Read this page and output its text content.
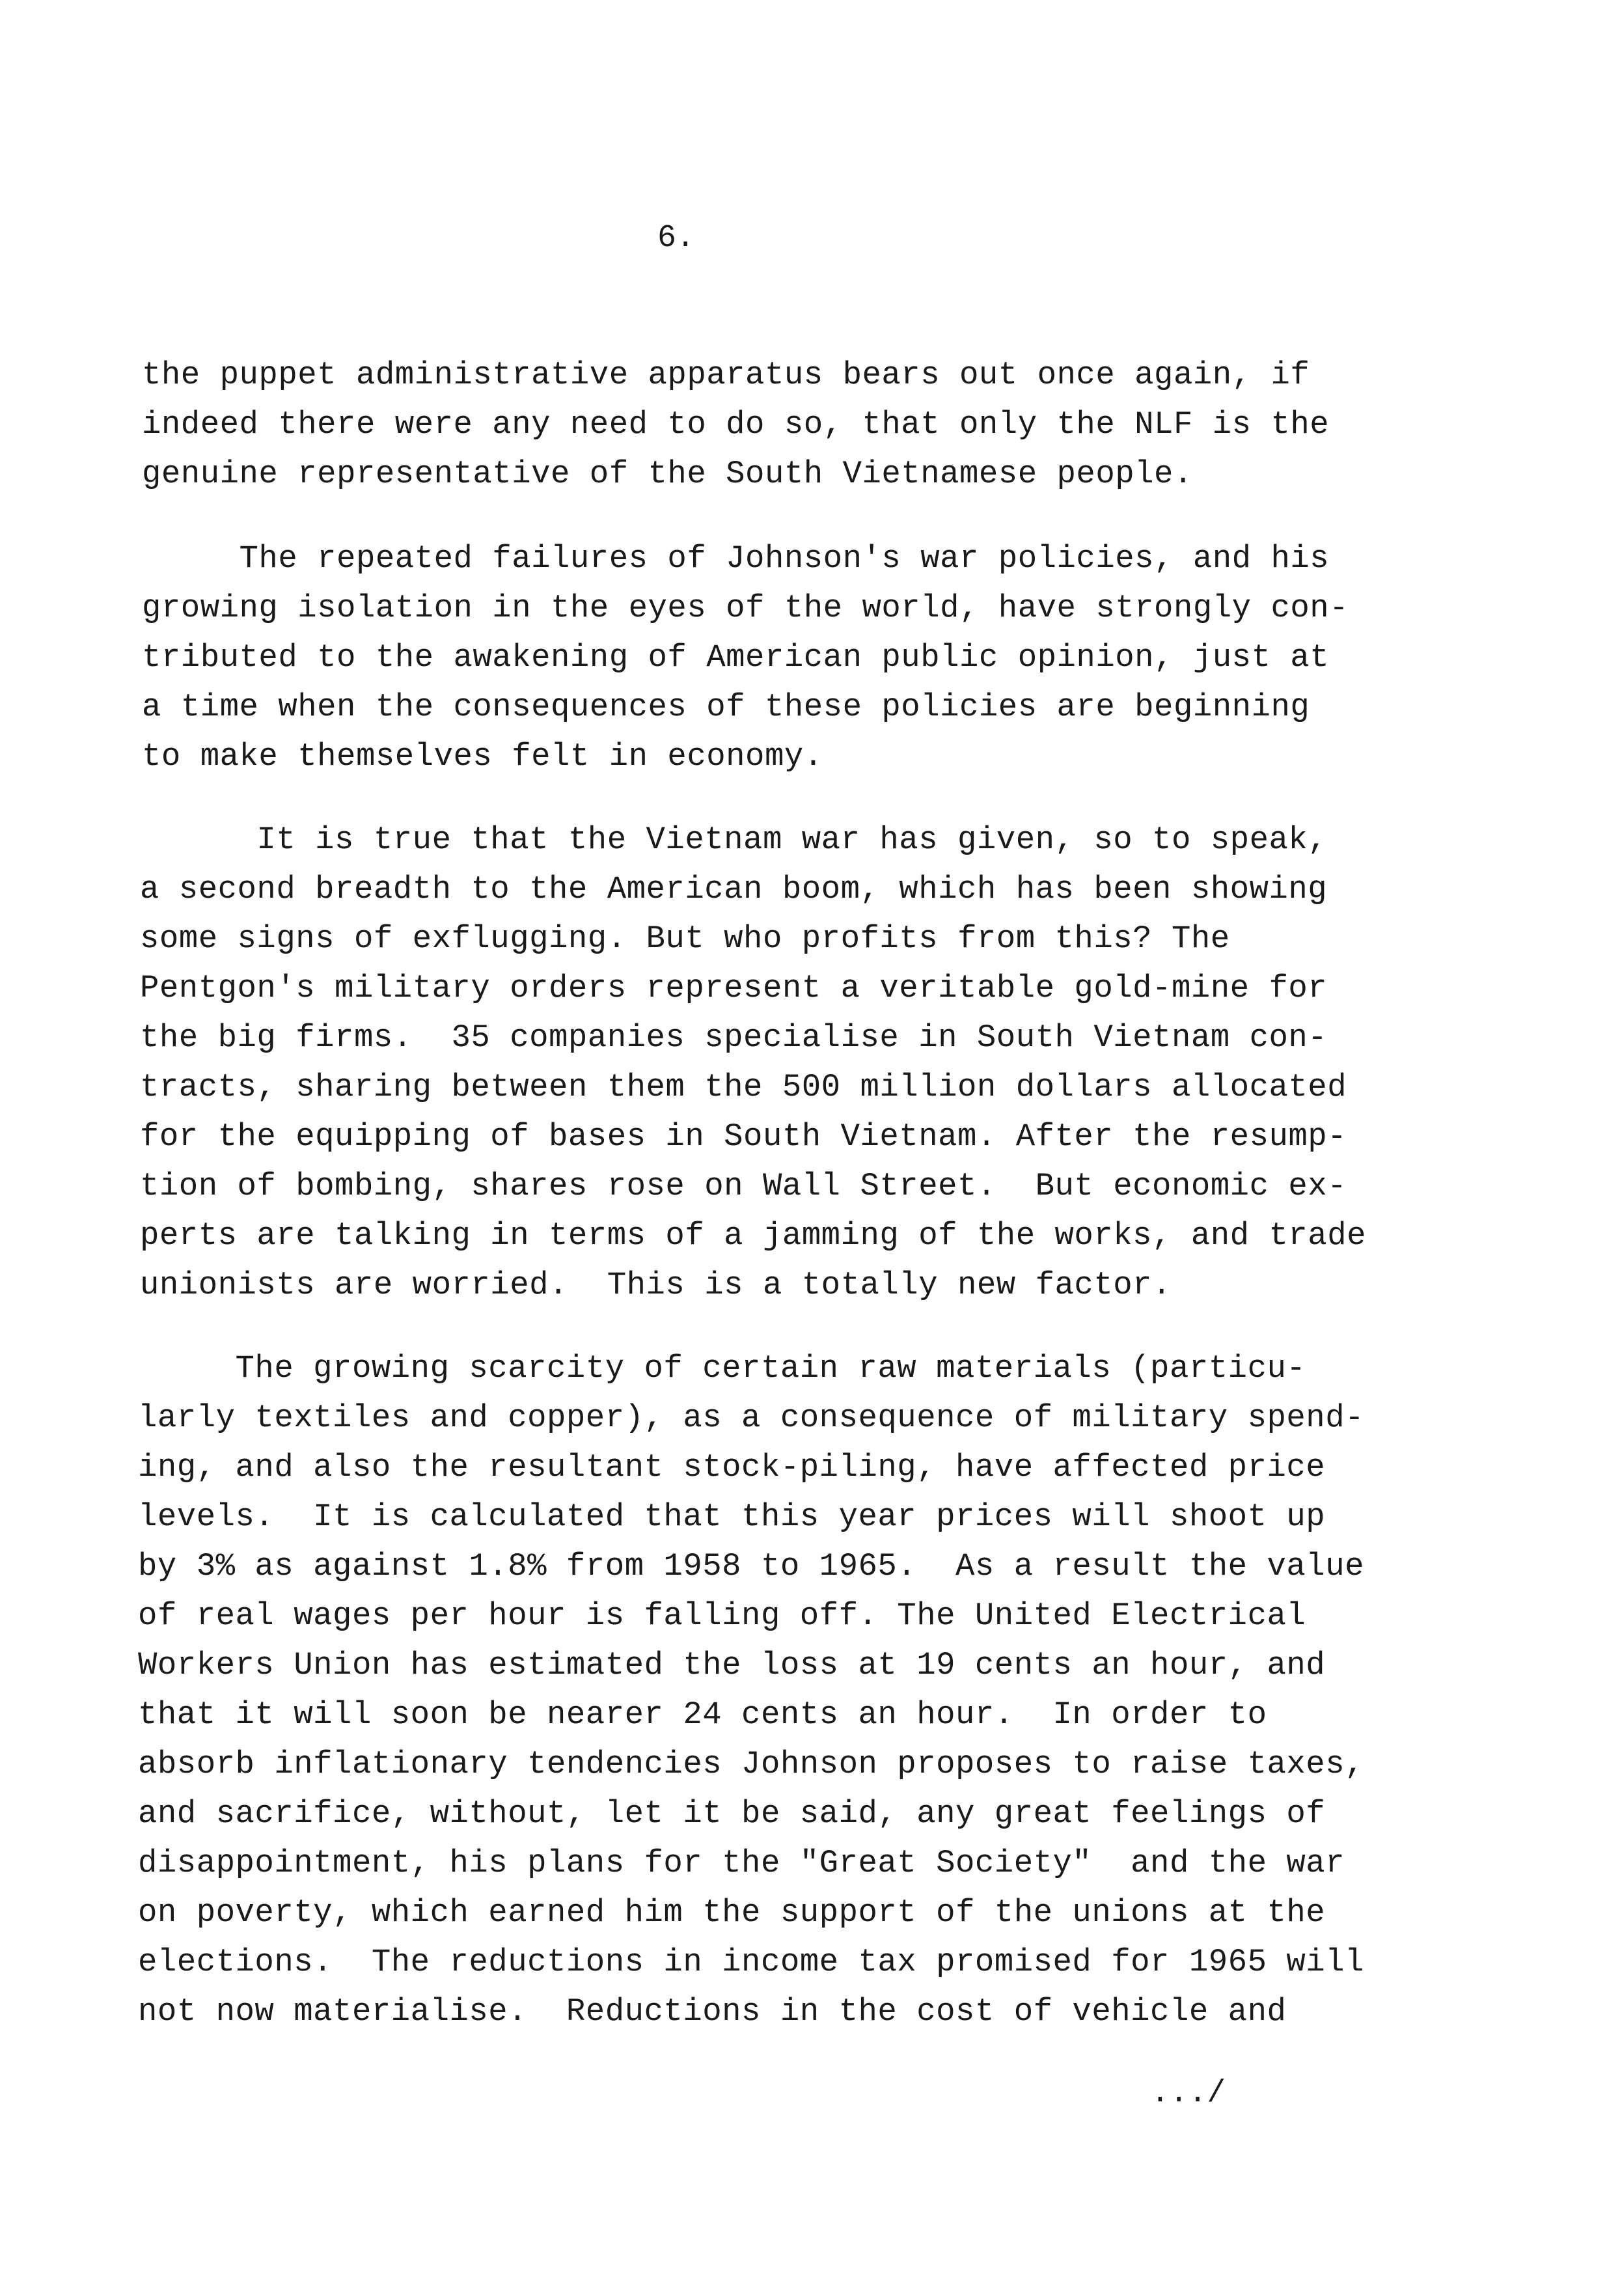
6.
the puppet administrative apparatus bears out once again, if
indeed there were any need to do so, that only the NLF is the
genuine representative of the South Vietnamese people.
The repeated failures of Johnson's war policies, and his
growing isolation in the eyes of the world, have strongly con-
tributed to the awakening of American public opinion, just at
a time when the consequences of these policies are beginning
to make themselves felt in economy.
It is true that the Vietnam war has given, so to speak,
a second breadth to the American boom, which has been showing
some signs of exflugging. But who profits from this? The
Pentgon's military orders represent a veritable gold-mine for
the big firms.  35 companies specialise in South Vietnam con-
tracts, sharing between them the 500 million dollars allocated
for the equipping of bases in South Vietnam. After the resump-
tion of bombing, shares rose on Wall Street.  But economic ex-
perts are talking in terms of a jamming of the works, and trade
unionists are worried.  This is a totally new factor.
The growing scarcity of certain raw materials (particu-
larly textiles and copper), as a consequence of military spend-
ing, and also the resultant stock-piling, have affected price
levels.  It is calculated that this year prices will shoot up
by 3% as against 1.8% from 1958 to 1965.  As a result the value
of real wages per hour is falling off. The United Electrical
Workers Union has estimated the loss at 19 cents an hour, and
that it will soon be nearer 24 cents an hour.  In order to
absorb inflationary tendencies Johnson proposes to raise taxes,
and sacrifice, without, let it be said, any great feelings of
disappointment, his plans for the "Great Society"  and the war
on poverty, which earned him the support of the unions at the
elections.  The reductions in income tax promised for 1965 will
not now materialise.  Reductions in the cost of vehicle and
.../
